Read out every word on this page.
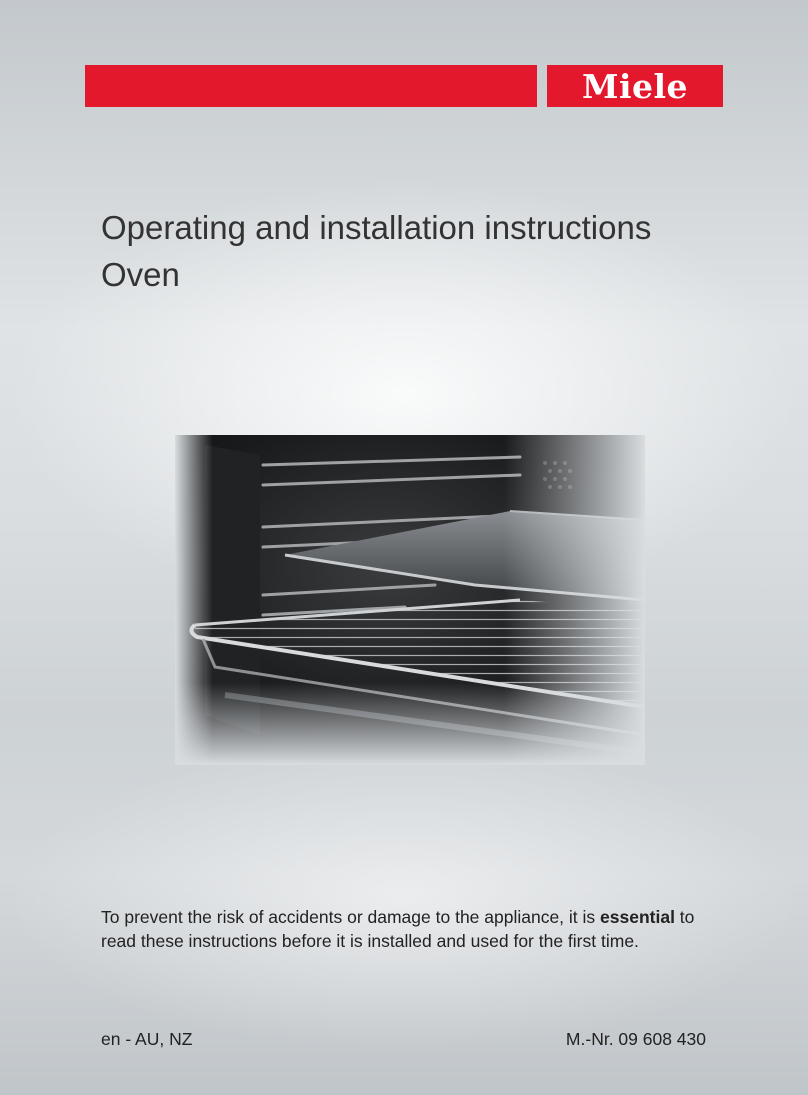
Miele
Operating and installation instructions
Oven

To prevent the risk of accidents or damage to the appliance, it is essential to read these instructions before it is installed and used for the first time.

en - AU, NZ	M.-Nr. 09 608 430
